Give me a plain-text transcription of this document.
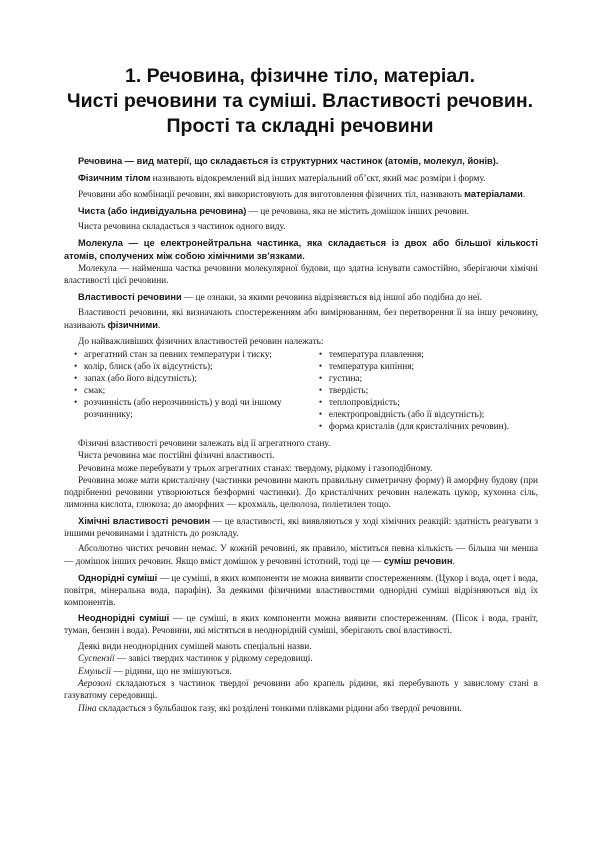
1. Речовина, фізичне тіло, матеріал.
Чисті речовини та суміші. Властивості речовин.
Прості та складні речовини

Речовина — вид матерії, що складається із структурних частинок (атомів, молекул, йонів).

Фізичним тілом називають відокремлений від інших матеріальний об’єкт, який має розміри і форму.

Речовини або комбінації речовин, які використовують для виготовлення фізичних тіл, називають матеріалами.

Чиста (або індивідуальна речовина) — це речовина, яка не містить домішок інших речовин.

Чиста речовина складається з частинок одного виду.

Молекула — це електронейтральна частинка, яка складається із двох або більшої кількості атомів, сполучених між собою хімічними зв’язками.

Молекула — найменша частка речовини молекулярної будови, що здатна існувати самостійно, зберігаючи хімічні властивості цієї речовини.

Властивості речовини — це ознаки, за якими речовина відрізняється від іншої або подібна до неї.

Властивості речовини, які визначають спостереженням або вимірюванням, без перетворення її на іншу речовину, називають фізичними.

До найважливіших фізичних властивостей речовин належать:

• агрегатний стан за певних температури і тиску;
• колір, блиск (або їх відсутність);
• запах (або його відсутність);
• смак;
• розчинність (або нерозчинність) у воді чи іншому розчиннику;
• температура плавлення;
• температура кипіння;
• густина;
• твердість;
• теплопровідність;
• електропровідність (або її відсутність);
• форма кристалів (для кристалічних речовин).

Фізичні властивості речовини залежать від її агрегатного стану.

Чиста речовина має постійні фізичні властивості.

Речовина може перебувати у трьох агрегатних станах: твердому, рідкому і газоподібному.

Речовина може мати кристалічну (частинки речовини мають правильну симетричну форму) й аморфну будову (при подрібненні речовини утворюються безформні частинки). До кристалічних речовин належать цукор, кухонна сіль, лимонна кислота, глюкоза; до аморфних — крохмаль, целюлоза, поліетилен тощо.

Хімічні властивості речовин — це властивості, які виявляються у ході хімічних реакцій: здатність реагувати з іншими речовинами і здатність до розкладу.

Абсолютно чистих речовин немає. У кожній речовині, як правило, міститься певна кількість — більша чи менша — домішок інших речовин. Якщо вміст домішок у речовині істотний, тоді це — суміш речовин.

Однорідні суміші — це суміші, в яких компоненти не можна виявити спостереженням. (Цукор і вода, оцет і вода, повітря, мінеральна вода, парафін). За деякими фізичними властивостями однорідні суміші відрізняються від їх компонентів.

Неоднорідні суміші — це суміші, в яких компоненти можна виявити спостереженням. (Пісок і вода, граніт, туман, бензин і вода). Речовини, які містяться в неоднорідній суміші, зберігають свої властивості.

Деякі види неоднорідних сумішей мають спеціальні назви.

Суспензії — завісі твердих частинок у рідкому середовищі.

Емульсії — рідини, що не змішуються.

Аерозолі складаються з частинок твердої речовини або крапель рідини, які перебувають у завислому стані в газуватому середовищі.

Піна складається з бульбашок газу, які розділені тонкими плівками рідини або твердої речовини.
